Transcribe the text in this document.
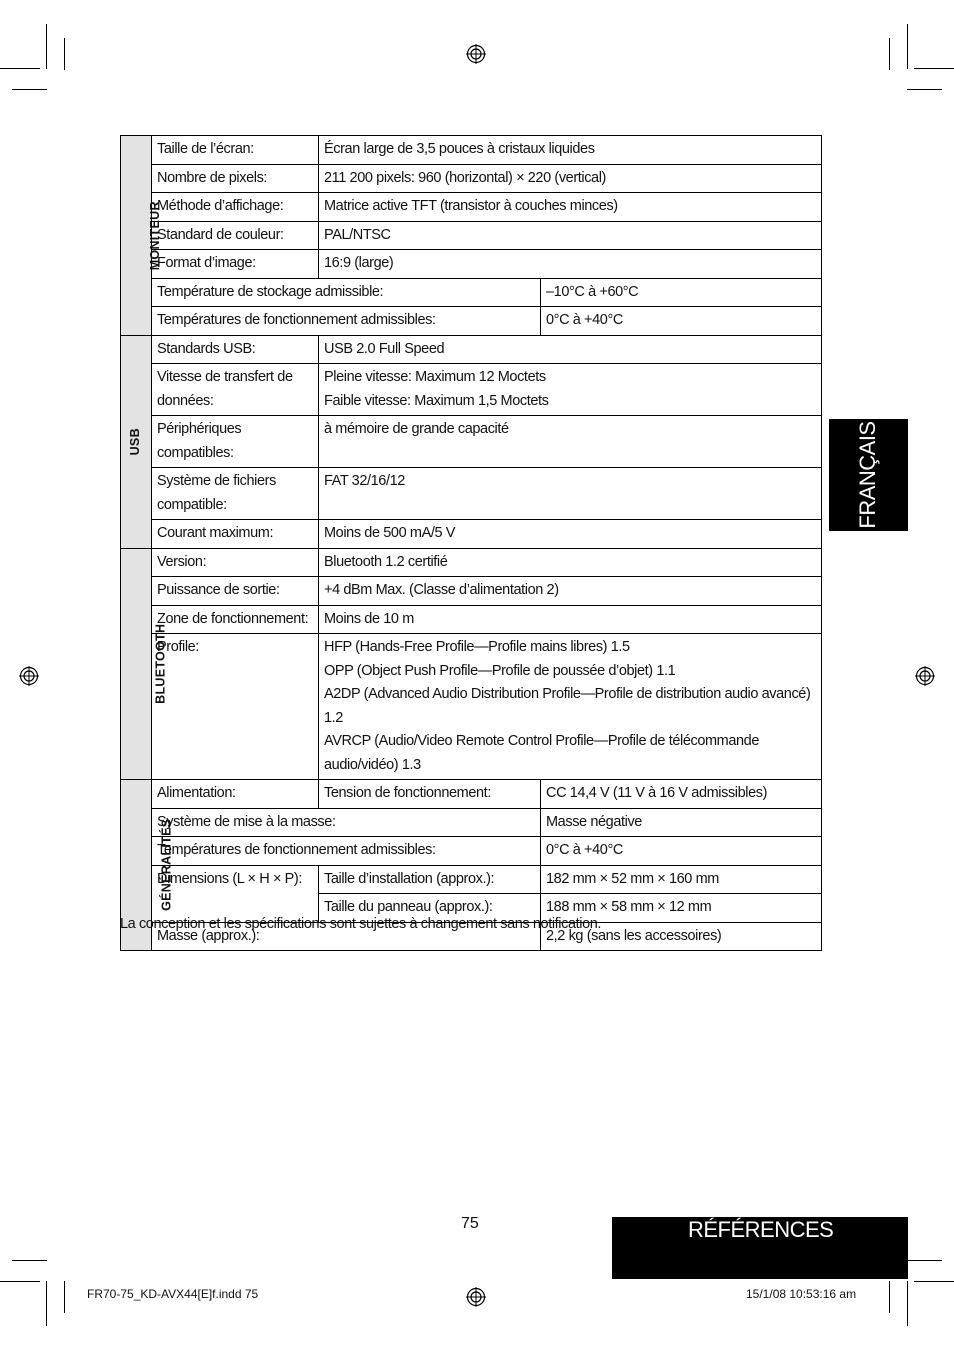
MONITEUR	Taille de l’écran:	Écran large de 3,5 pouces à cristaux liquides	
	Nombre de pixels:	211 200 pixels: 960 (horizontal) × 220 (vertical)	
	Méthode d’affichage:	Matrice active TFT (transistor à couches minces)	
	Standard de couleur:	PAL/NTSC	
	Format d’image:	16:9 (large)	
	Température de stockage admissible:		–10°C à +60°C
	Températures de fonctionnement admissibles:		0°C à +40°C
USB	Standards USB:	USB 2.0 Full Speed	
	Vitesse de transfert de données:	Pleine vitesse: Maximum 12 Moctets
Faible vitesse: Maximum 1,5 Moctets	

	Périphériques compatibles:	à mémoire de grande capacité	
	Système de fichiers compatible:	FAT 32/16/12	
	Courant maximum:	Moins de 500 mA/5 V	
BLUETOOTH	Version:	Bluetooth 1.2 certifié	
	Puissance de sortie:	+4 dBm Max. (Classe d’alimentation 2)	
	Zone de fonctionnement:	Moins de 10 m	
	Profile:	HFP (Hands-Free Profile—Profile mains libres) 1.5
OPP (Object Push Profile—Profile de poussée d’objet) 1.1
A2DP (Advanced Audio Distribution Profile—Profile de distribution audio avancé) 1.2
AVRCP (Audio/Video Remote Control Profile—Profile de télécommande audio/vidéo) 1.3	

GÉNÉRALITÉS	Alimentation:	Tension de fonctionnement:	CC 14,4 V (11 V à 16 V admissibles)
	Système de mise à la masse:		Masse négative
	Températures de fonctionnement admissibles:		0°C à +40°C
	Dimensions (L × H × P):	Taille d’installation (approx.):	182 mm × 52 mm × 160 mm
		Taille du panneau (approx.):	188 mm × 58 mm × 12 mm
	Masse (approx.):		2,2 kg (sans les accessoires)
La conception et les spécifications sont sujettes à changement sans notification.
FRANÇAIS
RÉFÉRENCES
75
FR70-75_KD-AVX44[E]f.indd 75	15/1/08 10:53:16 am
